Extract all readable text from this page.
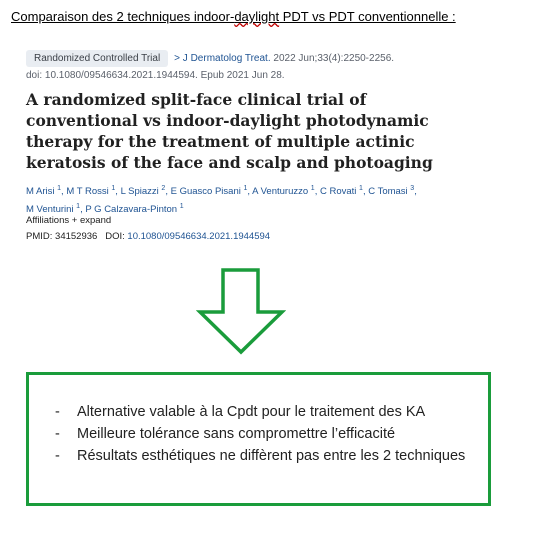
Comparaison des 2 techniques indoor-daylight PDT vs PDT conventionnelle :
Randomized Controlled Trial > J Dermatolog Treat. 2022 Jun;33(4):2250-2256.
doi: 10.1080/09546634.2021.1944594. Epub 2021 Jun 28.
A randomized split-face clinical trial of conventional vs indoor-daylight photodynamic therapy for the treatment of multiple actinic keratosis of the face and scalp and photoaging
M Arisi $^1$, M T Rossi $^1$, L Spiazzi $^2$, E Guasco Pisani $^1$, A Venturuzzo $^1$, C Rovati $^1$, C Tomasi $^3$, M Venturini $^1$, P G Calzavara-Pinton $^1$
Affiliations + expand
PMID: 34152936 DOI: 10.1080/09546634.2021.1944594
-	Alternative valable à la Cpdt pour le traitement des KA
-	Meilleure tolérance sans compromettre l’efficacité
-	Résultats esthétiques ne diffèrent pas entre les 2 techniques
